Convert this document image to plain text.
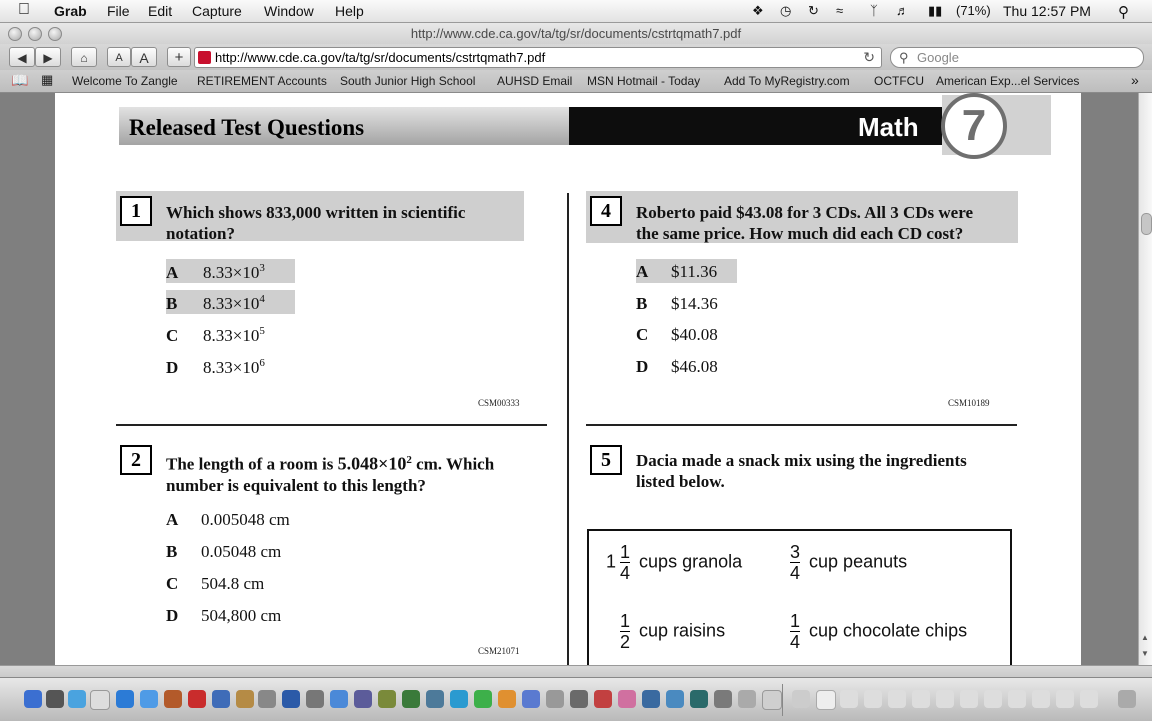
Grab File Edit Capture Window Help	❖ ◷ ↻ ≈ ᛉ ♬ ▮▮ (71%) Thu 12:57 PM ⚲
http://www.cde.ca.gov/ta/tg/sr/documents/cstrtqmath7.pdf
◀	▶	⌂	A	A	+	http://www.cde.ca.gov/ta/tg/sr/documents/cstrtqmath7.pdf	↻ ⚲ Google
📖 ▦ Welcome To Zangle RETIREMENT Accounts South Junior High School AUHSD Email MSN Hotmail - Today Add To MyRegistry.com OCTFCU American Exp...el Services	»
Released Test Questions	Math 7
1	Which shows 833,000 written in scientific
notation?
A $8.33\times 10^3$
B $8.33\times 10^4$
C $8.33\times 10^5$
D $8.33\times 10^6$
CSM00333
2	The length of a room is $5.048\times 10^2$ cm. Which
number is equivalent to this length?
A 0.005048 cm
B 0.05048 cm
C 504.8 cm
D 504,800 cm
CSM21071
4	Roberto paid $43.08 for 3 CDs. All 3 CDs were
the same price. How much did each CD cost?
A $11.36
B $14.36
C $40.08
D $46.08
CSM10189
5	Dacia made a snack mix using the ingredients
listed below.
$1 \frac{1}{4}$ cups granola	$\frac{3}{4}$ cup peanuts
$\frac{1}{2}$ cup raisins	$\frac{1}{4}$ cup chocolate chips	▲
▼
